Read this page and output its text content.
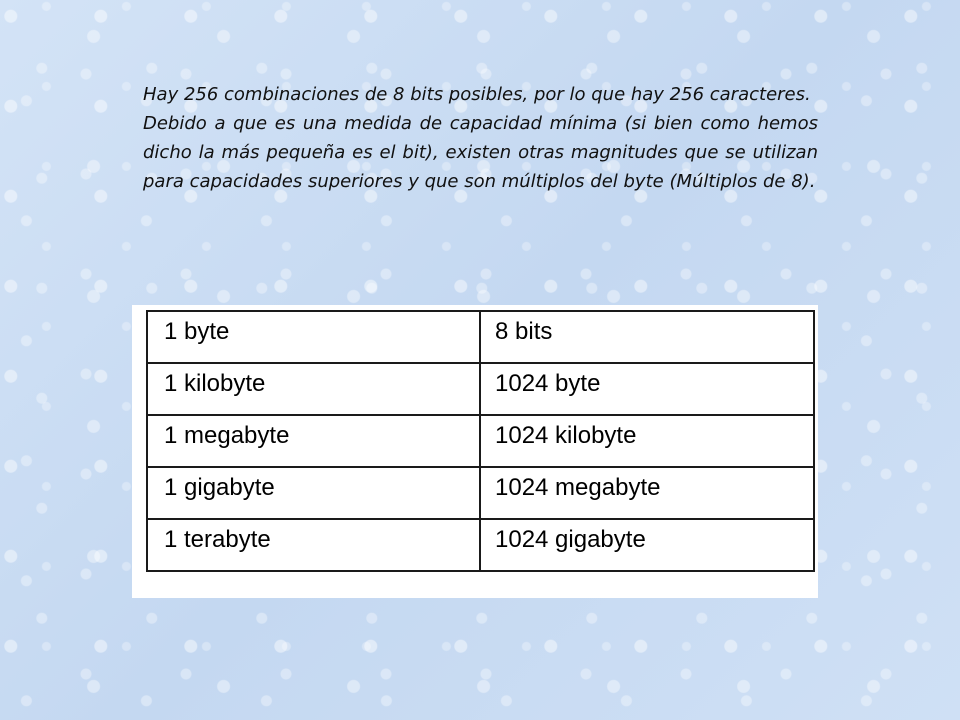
Hay 256 combinaciones de 8 bits posibles, por lo que hay 256 caracteres.

Debido a que es una medida de capacidad mínima (si bien como hemos dicho la más pequeña es el bit), existen otras magnitudes que se utilizan para capacidades superiores y que son múltiplos del byte (Múltiplos de 8).

1 byte	8 bits
1 kilobyte	1024 byte
1 megabyte	1024 kilobyte
1 gigabyte	1024 megabyte
1 terabyte	1024 gigabyte
